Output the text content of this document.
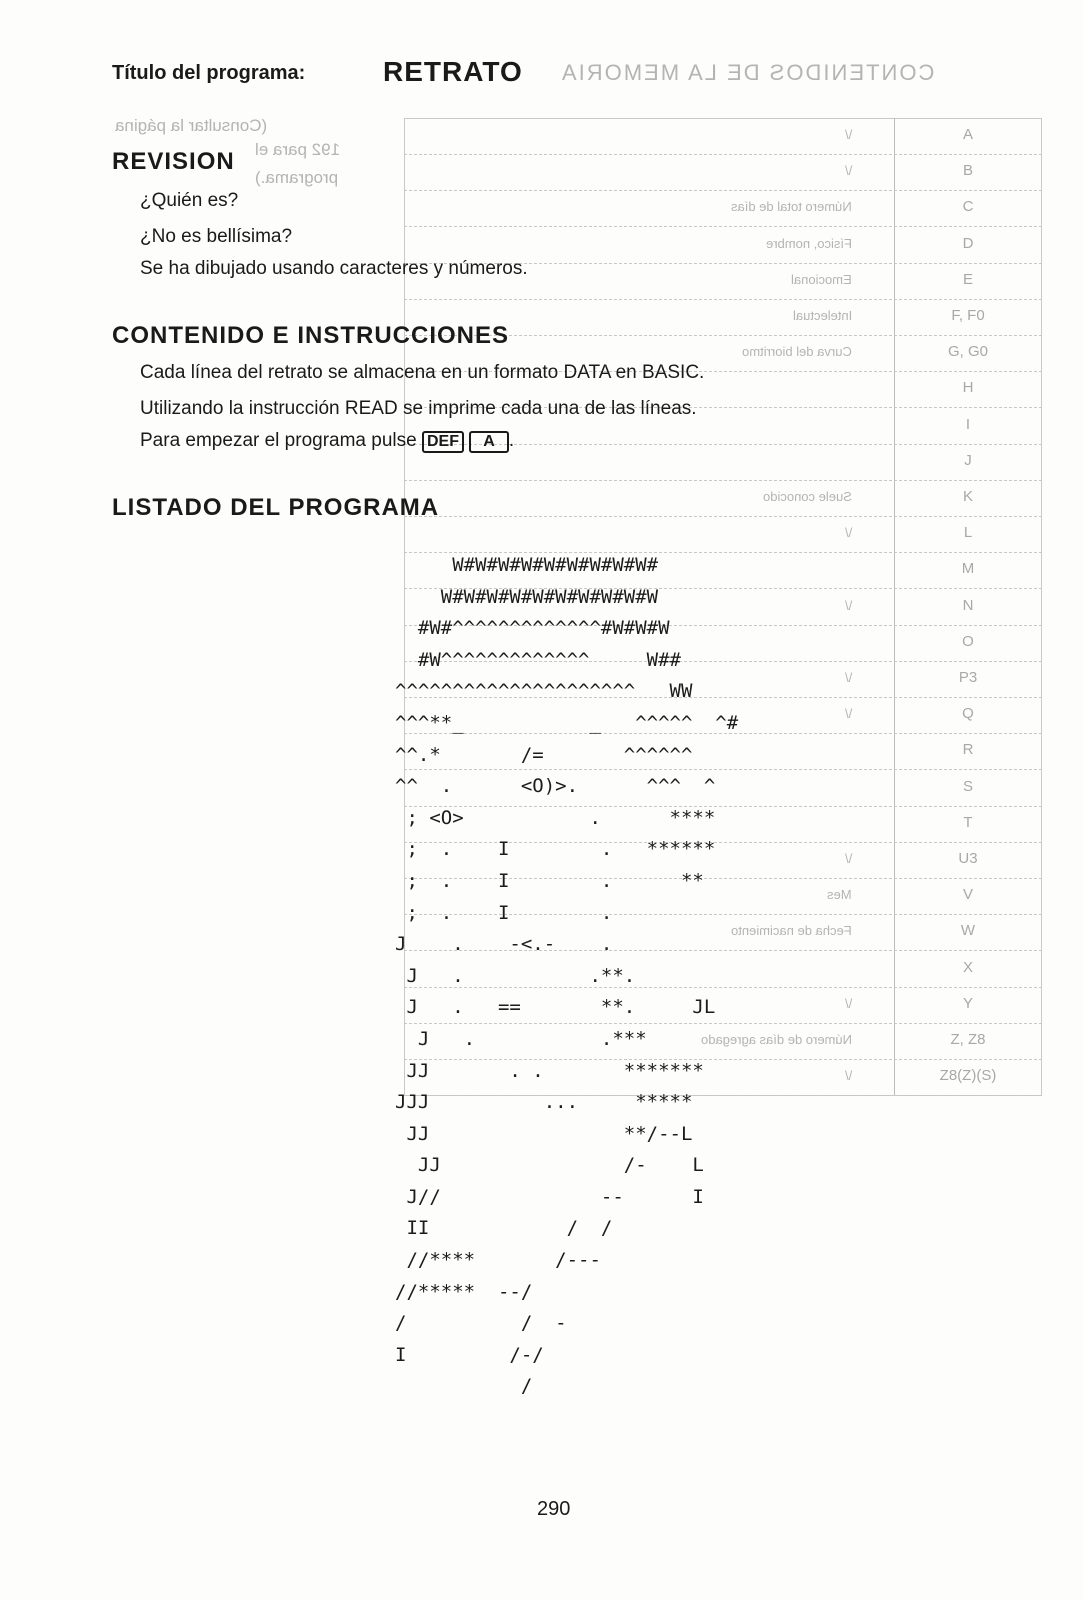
Título del programa:	RETRATO CONTENIDOS DE LA MEMORIA
(Consultar la página
192 para el
programa.)
\/	A
\/	B
Número total de días	C
Físico, nombre	D
Emocional	E
Intelectual	F, F0
Curva del biorritmo	G, G0
H
I
J
Suele conocido	K
\/	L
M
\/	N
O
\/	P3
\/	Q
R
S
T
\/	U3
Mes	V
Fecha de nacimiento	W
X
\/	Y
Número de días agregado	Z, Z8
\/	Z8(Z)(S)
REVISION
¿Quién es?
¿No es bellísima?
Se ha dibujado usando caracteres y números.
CONTENIDO E INSTRUCCIONES
Cada línea del retrato se almacena en un formato DATA en BASIC.
Utilizando la instrucción READ se imprime cada una de las líneas.
Para empezar el programa pulse DEF A .
LISTADO DEL PROGRAMA
W#W#W#W#W#W#W#W#W#
W#W#W#W#W#W#W#W#W#W
#W#^^^^^^^^^^^^^#W#W#W
#W^^^^^^^^^^^^^     W##
^^^^^^^^^^^^^^^^^^^^^   WW
^^^**_           _   ^^^^^  ^#
^^.*       /=       ^^^^^^
^^  .      <O)>.      ^^^  ^
; <O>           .      ****
;  .    I        .   ******
;  .    I        .      **
;  .    I        .
J    .    -<.-    .
J   .           .**.
J   .   ==       **.     JL
J   .           .***
JJ       . .       *******
JJJ          ...     *****
JJ                 **/--L
JJ                /-    L
J//              --      I
II            /  /
//****       /---
//*****  --/
/          /  -
I         /-/
/
290
